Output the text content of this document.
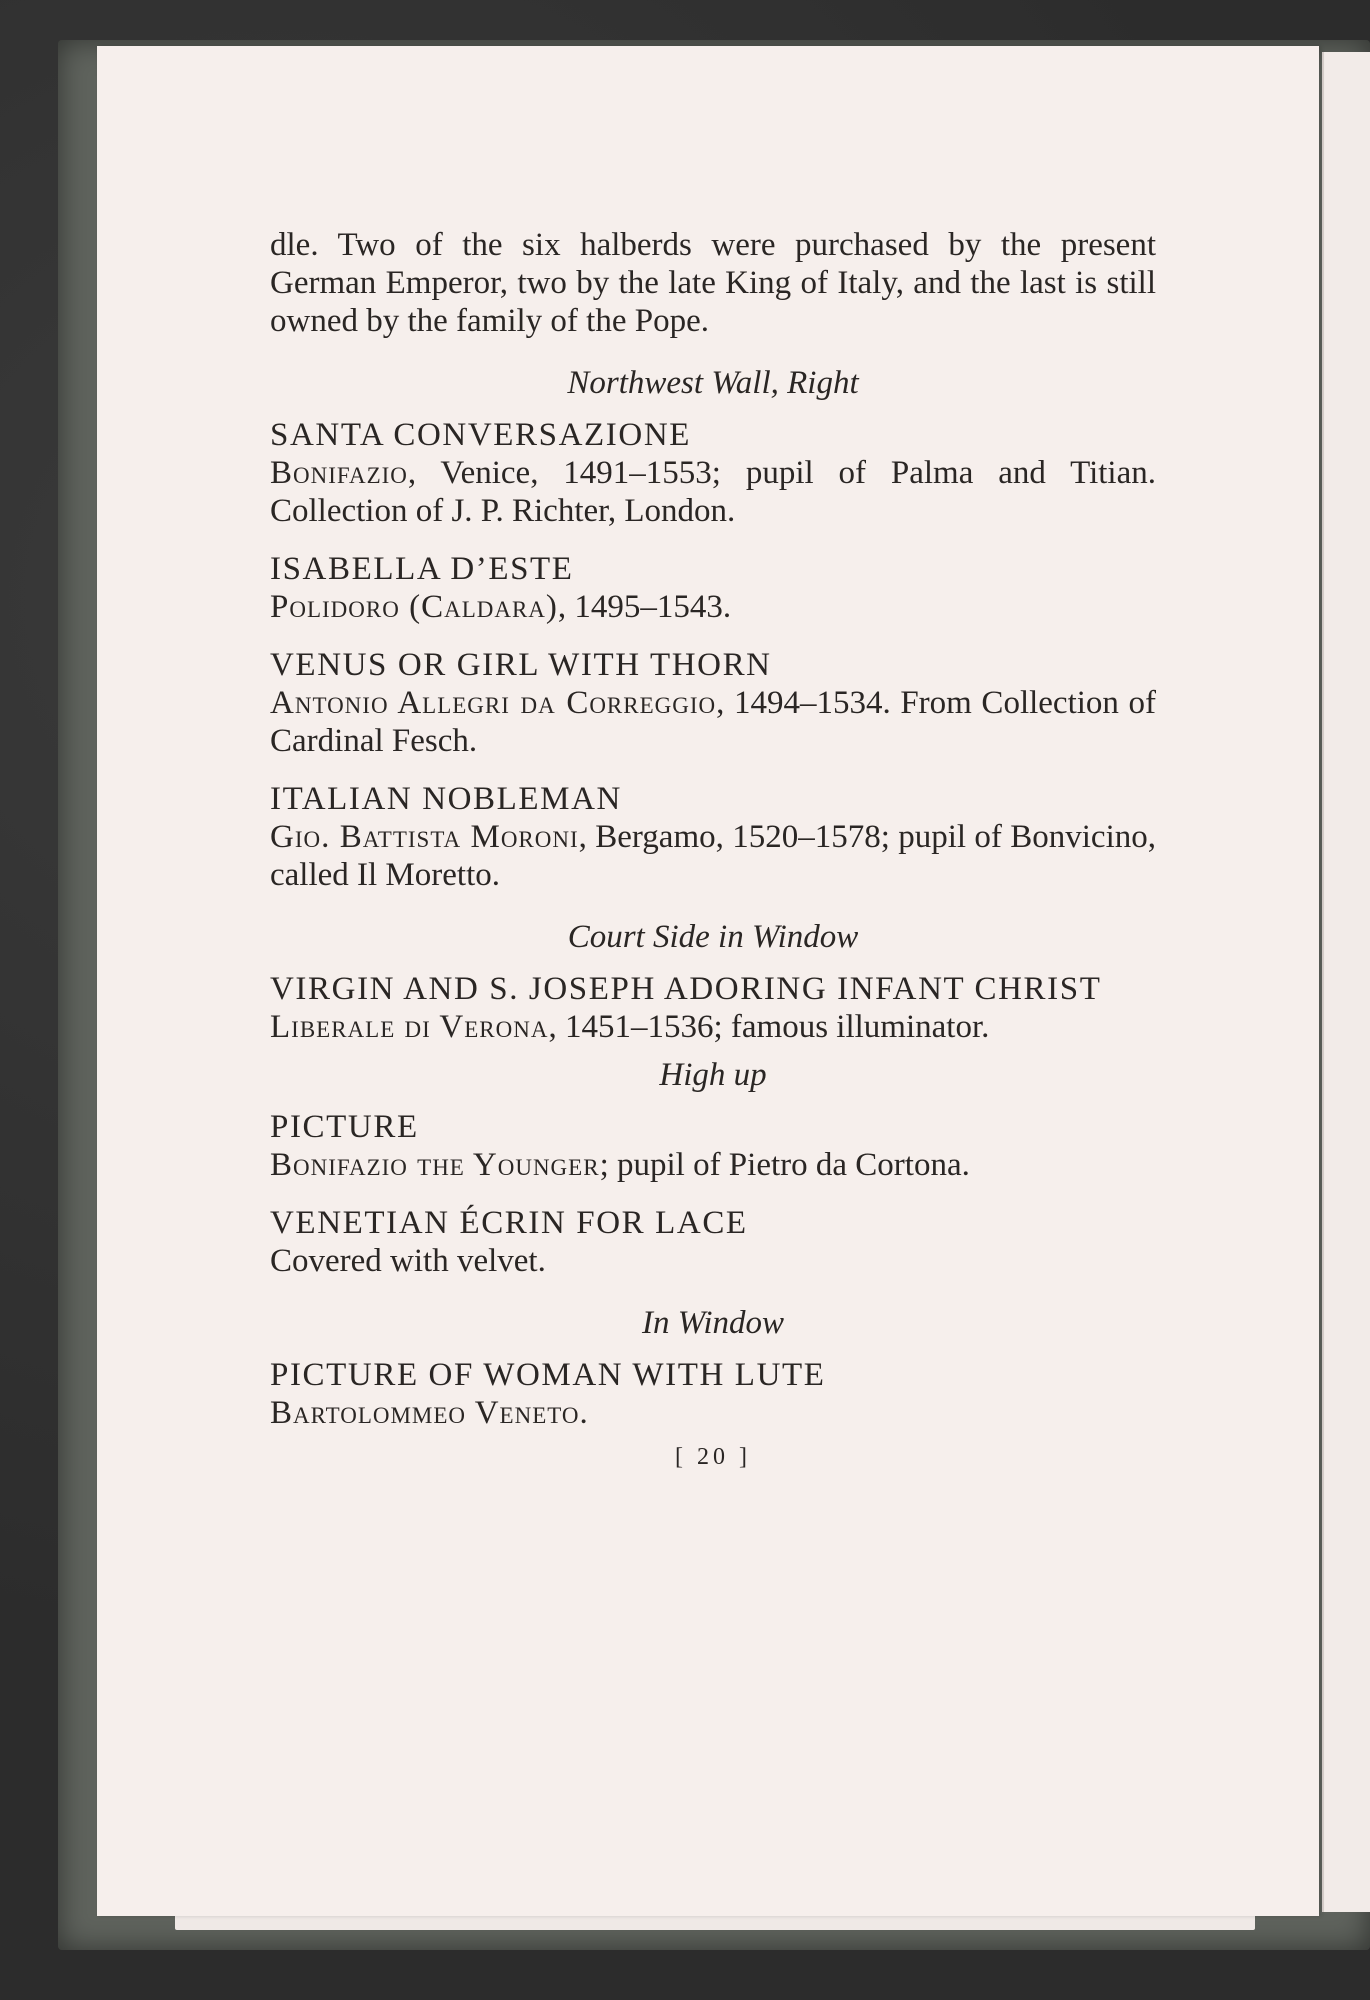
dle. Two of the six halberds were purchased by the present German Emperor, two by the late King of Italy, and the last is still owned by the family of the Pope.

Northwest Wall, Right

SANTA CONVERSAZIONE

Bonifazio, Venice, 1491–1553; pupil of Palma and Titian. Collection of J. P. Richter, London.

ISABELLA D’ESTE

Polidoro (Caldara), 1495–1543.

VENUS OR GIRL WITH THORN

Antonio Allegri da Correggio, 1494–1534. From Collection of Cardinal Fesch.

ITALIAN NOBLEMAN

Gio. Battista Moroni, Bergamo, 1520–1578; pupil of Bonvicino, called Il Moretto.

Court Side in Window

VIRGIN AND S. JOSEPH ADORING INFANT CHRIST

Liberale di Verona, 1451–1536; famous illuminator.

High up

PICTURE

Bonifazio the Younger; pupil of Pietro da Cortona.

VENETIAN ÉCRIN FOR LACE

Covered with velvet.

In Window

PICTURE OF WOMAN WITH LUTE

Bartolommeo Veneto.

[ 20 ]
